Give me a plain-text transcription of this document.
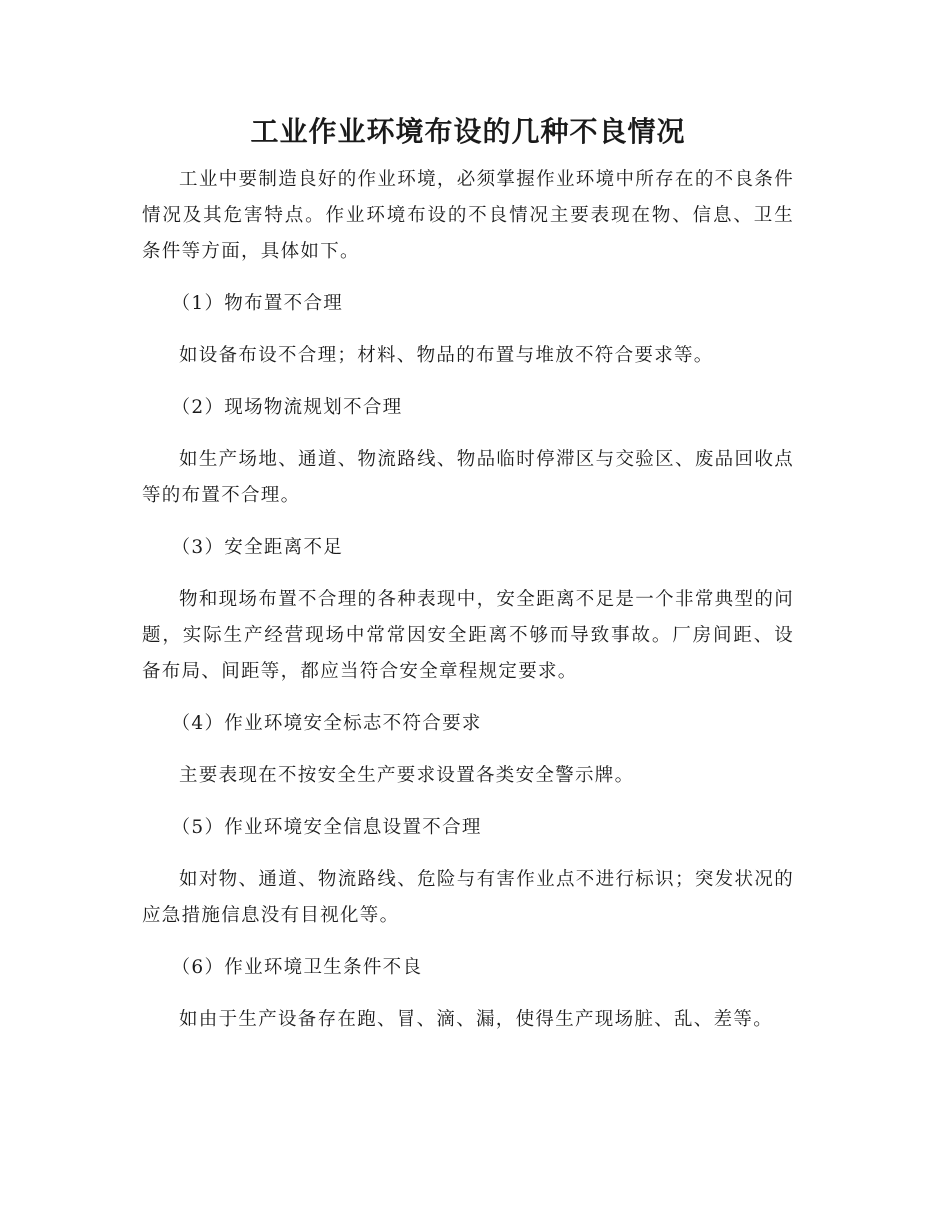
工业作业环境布设的几种不良情况

工业中要制造良好的作业环境，必须掌握作业环境中所存在的不良条件情况及其危害特点。作业环境布设的不良情况主要表现在物、信息、卫生条件等方面，具体如下。

（1）物布置不合理

如设备布设不合理；材料、物品的布置与堆放不符合要求等。

（2）现场物流规划不合理

如生产场地、通道、物流路线、物品临时停滞区与交验区、废品回收点等的布置不合理。

（3）安全距离不足

物和现场布置不合理的各种表现中，安全距离不足是一个非常典型的问题，实际生产经营现场中常常因安全距离不够而导致事故。厂房间距、设备布局、间距等，都应当符合安全章程规定要求。

（4）作业环境安全标志不符合要求

主要表现在不按安全生产要求设置各类安全警示牌。

（5）作业环境安全信息设置不合理

如对物、通道、物流路线、危险与有害作业点不进行标识；突发状况的应急措施信息没有目视化等。

（6）作业环境卫生条件不良

如由于生产设备存在跑、冒、滴、漏，使得生产现场脏、乱、差等。
